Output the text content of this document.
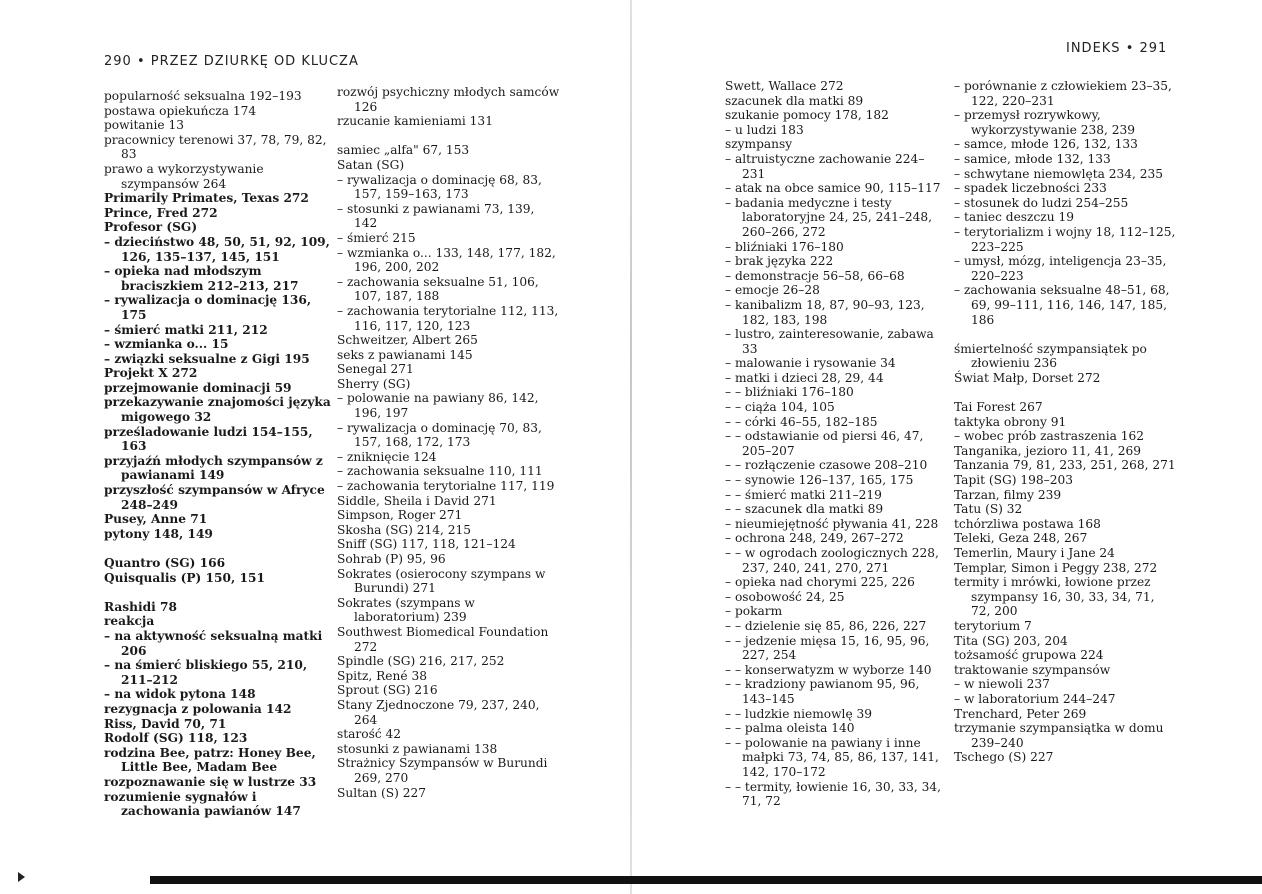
290 • PRZEZ DZIURKĘ OD KLUCZA
popularność seksualna 192–193
postawa opiekuńcza 174
powitanie 13
pracownicy terenowi 37, 78, 79, 82, 83
prawo a wykorzystywanie szympansów 264
Primarily Primates, Texas 272
Prince, Fred 272
Profesor (SG)
– dzieciństwo 48, 50, 51, 92, 109, 126, 135–137, 145, 151
– opieka nad młodszym braciszkiem 212–213, 217
– rywalizacja o dominację 136, 175
– śmierć matki 211, 212
– wzmianka o... 15
– związki seksualne z Gigi 195
Projekt X 272
przejmowanie dominacji 59
przekazywanie znajomości języka migowego 32
prześladowanie ludzi 154–155, 163
przyjaźń młodych szympansów z pawianami 149
przyszłość szympansów w Afryce 248–249
Pusey, Anne 71
pytony 148, 149
Quantro (SG) 166
Quisqualis (P) 150, 151
Rashidi 78
reakcja
– na aktywność seksualną matki 206
– na śmierć bliskiego 55, 210, 211–212
– na widok pytona 148
rezygnacja z polowania 142
Riss, David 70, 71
Rodolf (SG) 118, 123
rodzina Bee, patrz: Honey Bee, Little Bee, Madam Bee
rozpoznawanie się w lustrze 33
rozumienie sygnałów i zachowania pawianów 147
rozwój psychiczny młodych samców 126
rzucanie kamieniami 131
samiec „alfa" 67, 153
Satan (SG)
– rywalizacja o dominację 68, 83, 157, 159–163, 173
– stosunki z pawianami 73, 139, 142
– śmierć 215
– wzmianka o... 133, 148, 177, 182, 196, 200, 202
– zachowania seksualne 51, 106, 107, 187, 188
– zachowania terytorialne 112, 113, 116, 117, 120, 123
Schweitzer, Albert 265
seks z pawianami 145
Senegal 271
Sherry (SG)
– polowanie na pawiany 86, 142, 196, 197
– rywalizacja o dominację 70, 83, 157, 168, 172, 173
– zniknięcie 124
– zachowania seksualne 110, 111
– zachowania terytorialne 117, 119
Siddle, Sheila i David 271
Simpson, Roger 271
Skosha (SG) 214, 215
Sniff (SG) 117, 118, 121–124
Sohrab (P) 95, 96
Sokrates (osierocony szympans w Burundi) 271
Sokrates (szympans w laboratorium) 239
Southwest Biomedical Foundation 272
Spindle (SG) 216, 217, 252
Spitz, René 38
Sprout (SG) 216
Stany Zjednoczone 79, 237, 240, 264
starość 42
stosunki z pawianami 138
Strażnicy Szympansów w Burundi 269, 270
Sultan (S) 227
INDEKS • 291
Swett, Wallace 272
szacunek dla matki 89
szukanie pomocy 178, 182
– u ludzi 183
szympansy
– altruistyczne zachowanie 224–231
– atak na obce samice 90, 115–117
– badania medyczne i testy laboratoryjne 24, 25, 241–248, 260–266, 272
– bliźniaki 176–180
– brak języka 222
– demonstracje 56–58, 66–68
– emocje 26–28
– kanibalizm 18, 87, 90–93, 123, 182, 183, 198
– lustro, zainteresowanie, zabawa 33
– malowanie i rysowanie 34
– matki i dzieci 28, 29, 44
– – bliźniaki 176–180
– – ciąża 104, 105
– – córki 46–55, 182–185
– – odstawianie od piersi 46, 47, 205–207
– – rozłączenie czasowe 208–210
– – synowie 126–137, 165, 175
– – śmierć matki 211–219
– – szacunek dla matki 89
– nieumiejętność pływania 41, 228
– ochrona 248, 249, 267–272
– – w ogrodach zoologicznych 228, 237, 240, 241, 270, 271
– opieka nad chorymi 225, 226
– osobowość 24, 25
– pokarm
– – dzielenie się 85, 86, 226, 227
– – jedzenie mięsa 15, 16, 95, 96, 227, 254
– – konserwatyzm w wyborze 140
– – kradziony pawianom 95, 96, 143–145
– – ludzkie niemowlę 39
– – palma oleista 140
– – polowanie na pawiany i inne małpki 73, 74, 85, 86, 137, 141, 142, 170–172
– – termity, łowienie 16, 30, 33, 34, 71, 72
– porównanie z człowiekiem 23–35, 122, 220–231
– przemysł rozrywkowy, wykorzystywanie 238, 239
– samce, młode 126, 132, 133
– samice, młode 132, 133
– schwytane niemowlęta 234, 235
– spadek liczebności 233
– stosunek do ludzi 254–255
– taniec deszczu 19
– terytorializm i wojny 18, 112–125, 223–225
– umysł, mózg, inteligencja 23–35, 220–223
– zachowania seksualne 48–51, 68, 69, 99–111, 116, 146, 147, 185, 186
śmiertelność szympansiątek po złowieniu 236
Świat Małp, Dorset 272
Tai Forest 267
taktyka obrony 91
– wobec prób zastraszenia 162
Tanganika, jezioro 11, 41, 269
Tanzania 79, 81, 233, 251, 268, 271
Tapit (SG) 198–203
Tarzan, filmy 239
Tatu (S) 32
tchórzliwa postawa 168
Teleki, Geza 248, 267
Temerlin, Maury i Jane 24
Templar, Simon i Peggy 238, 272
termity i mrówki, łowione przez szympansy 16, 30, 33, 34, 71, 72, 200
terytorium 7
Tita (SG) 203, 204
tożsamość grupowa 224
traktowanie szympansów
– w niewoli 237
– w laboratorium 244–247
Trenchard, Peter 269
trzymanie szympansiątka w domu 239–240
Tschego (S) 227
